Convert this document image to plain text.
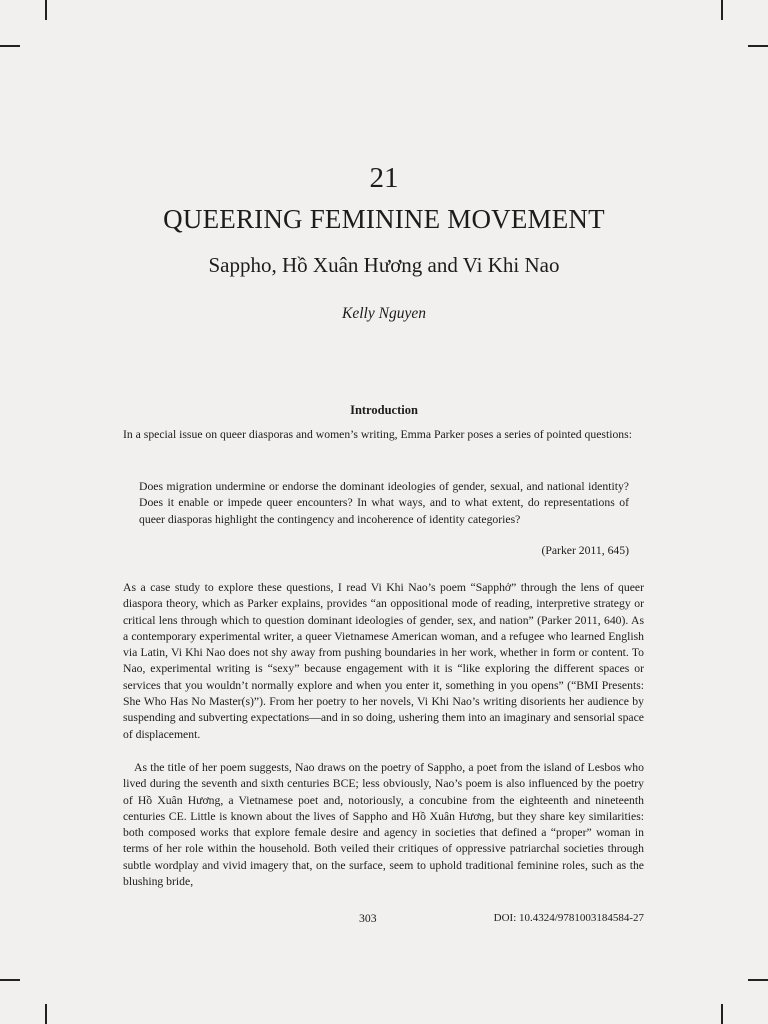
21
QUEERING FEMININE MOVEMENT
Sappho, Hồ Xuân Hương and Vi Khi Nao
Kelly Nguyen
Introduction

In a special issue on queer diasporas and women’s writing, Emma Parker poses a series of pointed questions:

Does migration undermine or endorse the dominant ideologies of gender, sexual, and national identity? Does it enable or impede queer encounters? In what ways, and to what extent, do representations of queer diasporas highlight the contingency and incoherence of identity categories?

(Parker 2011, 645)

As a case study to explore these questions, I read Vi Khi Nao’s poem “Sapphở” through the lens of queer diaspora theory, which as Parker explains, provides “an oppositional mode of reading, interpretive strategy or critical lens through which to question dominant ideologies of gender, sex, and nation” (Parker 2011, 640). As a contemporary experimental writer, a queer Vietnamese American woman, and a refugee who learned English via Latin, Vi Khi Nao does not shy away from pushing boundaries in her work, whether in form or content. To Nao, experimental writing is “sexy” because engagement with it is “like exploring the different spaces or services that you wouldn’t normally explore and when you enter it, something in you opens” (“BMI Presents: She Who Has No Master(s)”). From her poetry to her novels, Vi Khi Nao’s writing disorients her audience by suspending and subverting expectations—and in so doing, ushering them into an imaginary and sensorial space of displacement.

As the title of her poem suggests, Nao draws on the poetry of Sappho, a poet from the island of Lesbos who lived during the seventh and sixth centuries BCE; less obviously, Nao’s poem is also influenced by the poetry of Hồ Xuân Hương, a Vietnamese poet and, notoriously, a concubine from the eighteenth and nineteenth centuries CE. Little is known about the lives of Sappho and Hồ Xuân Hương, but they share key similarities: both composed works that explore female desire and agency in societies that defined a “proper” woman in terms of her role within the household. Both veiled their critiques of oppressive patriarchal societies through subtle wordplay and vivid imagery that, on the surface, seem to uphold traditional feminine roles, such as the blushing bride,

303	DOI: 10.4324/9781003184584-27
